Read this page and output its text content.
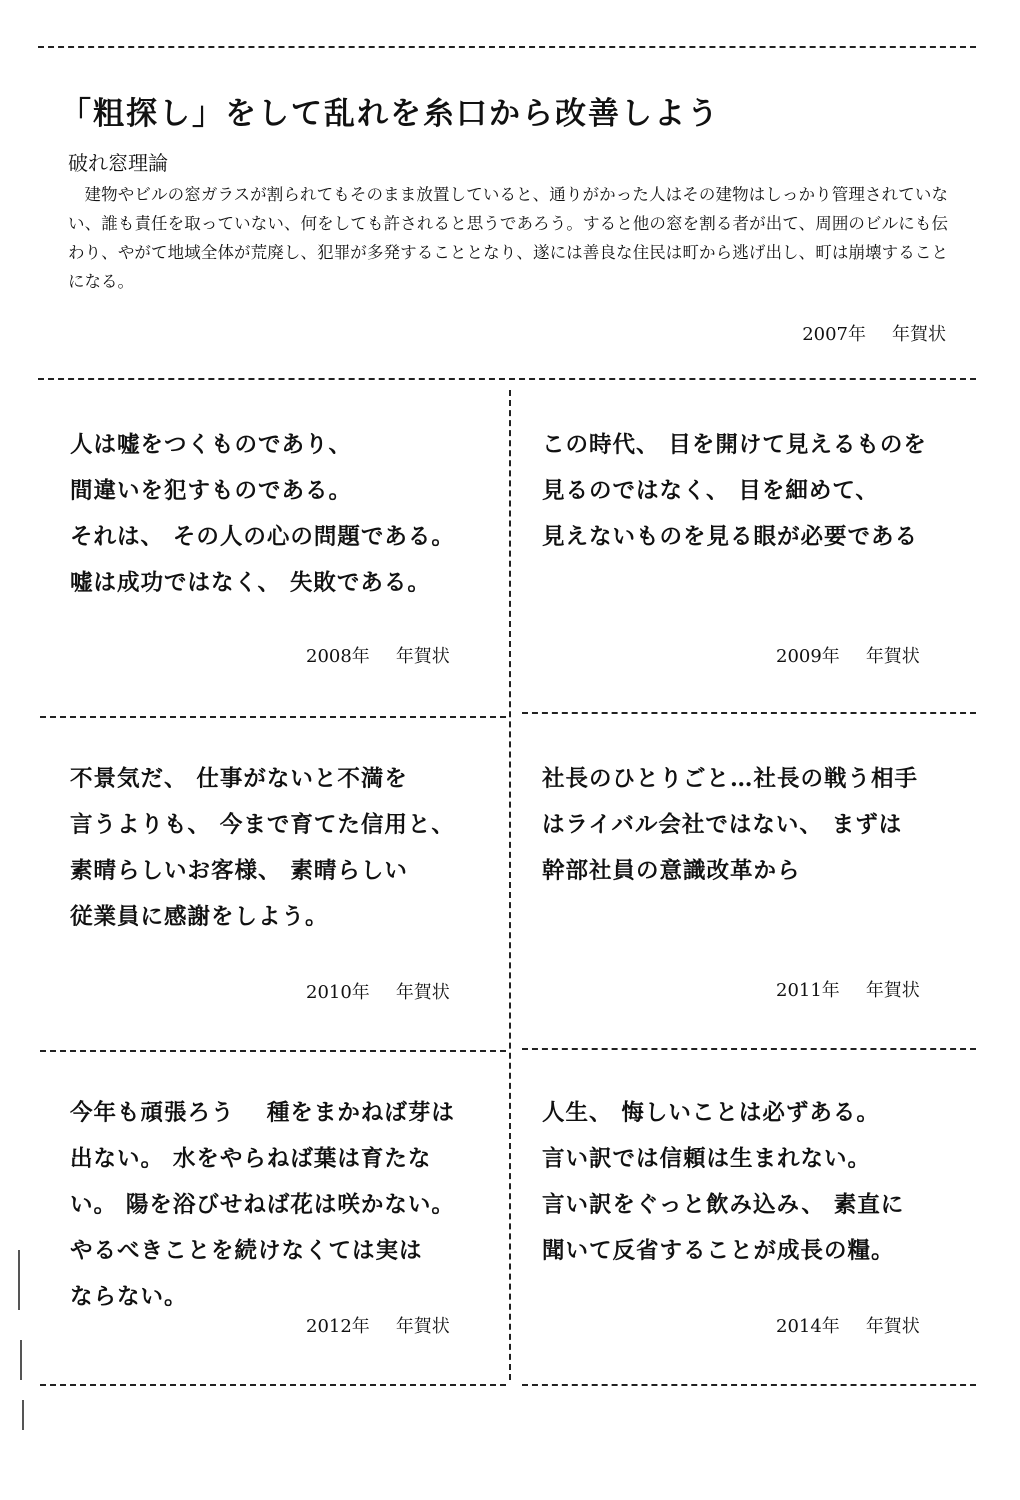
「粗探し」をして乱れを糸口から改善しよう
破れ窓理論

建物やビルの窓ガラスが割られてもそのまま放置していると、通りがかった人はその建物はしっかり管理されていない、誰も責任を取っていない、何をしても許されると思うであろう。すると他の窓を割る者が出て、周囲のビルにも伝わり、やがて地域全体が荒廃し、犯罪が多発することとなり、遂には善良な住民は町から逃げ出し、町は崩壊することになる。

2007年 年賀状
人は嘘をつくものであり、
間違いを犯すものである。
それは、 その人の心の問題である。
嘘は成功ではなく、 失敗である。
2008年 年賀状
この時代、 目を開けて見えるものを
見るのではなく、 目を細めて、
見えないものを見る眼が必要である
2009年 年賀状
不景気だ、 仕事がないと不満を
言うよりも、 今まで育てた信用と、
素晴らしいお客様、 素晴らしい
従業員に感謝をしよう。
2010年 年賀状
社長のひとりごと…社長の戦う相手
はライバル会社ではない、 まずは
幹部社員の意識改革から
2011年 年賀状
今年も頑張ろう　 種をまかねば芽は
出ない。 水をやらねば葉は育たな
い。 陽を浴びせねば花は咲かない。
やるべきことを続けなくては実は
ならない。
2012年 年賀状
人生、 悔しいことは必ずある。
言い訳では信頼は生まれない。
言い訳をぐっと飲み込み、 素直に
聞いて反省することが成長の糧。
2014年 年賀状
